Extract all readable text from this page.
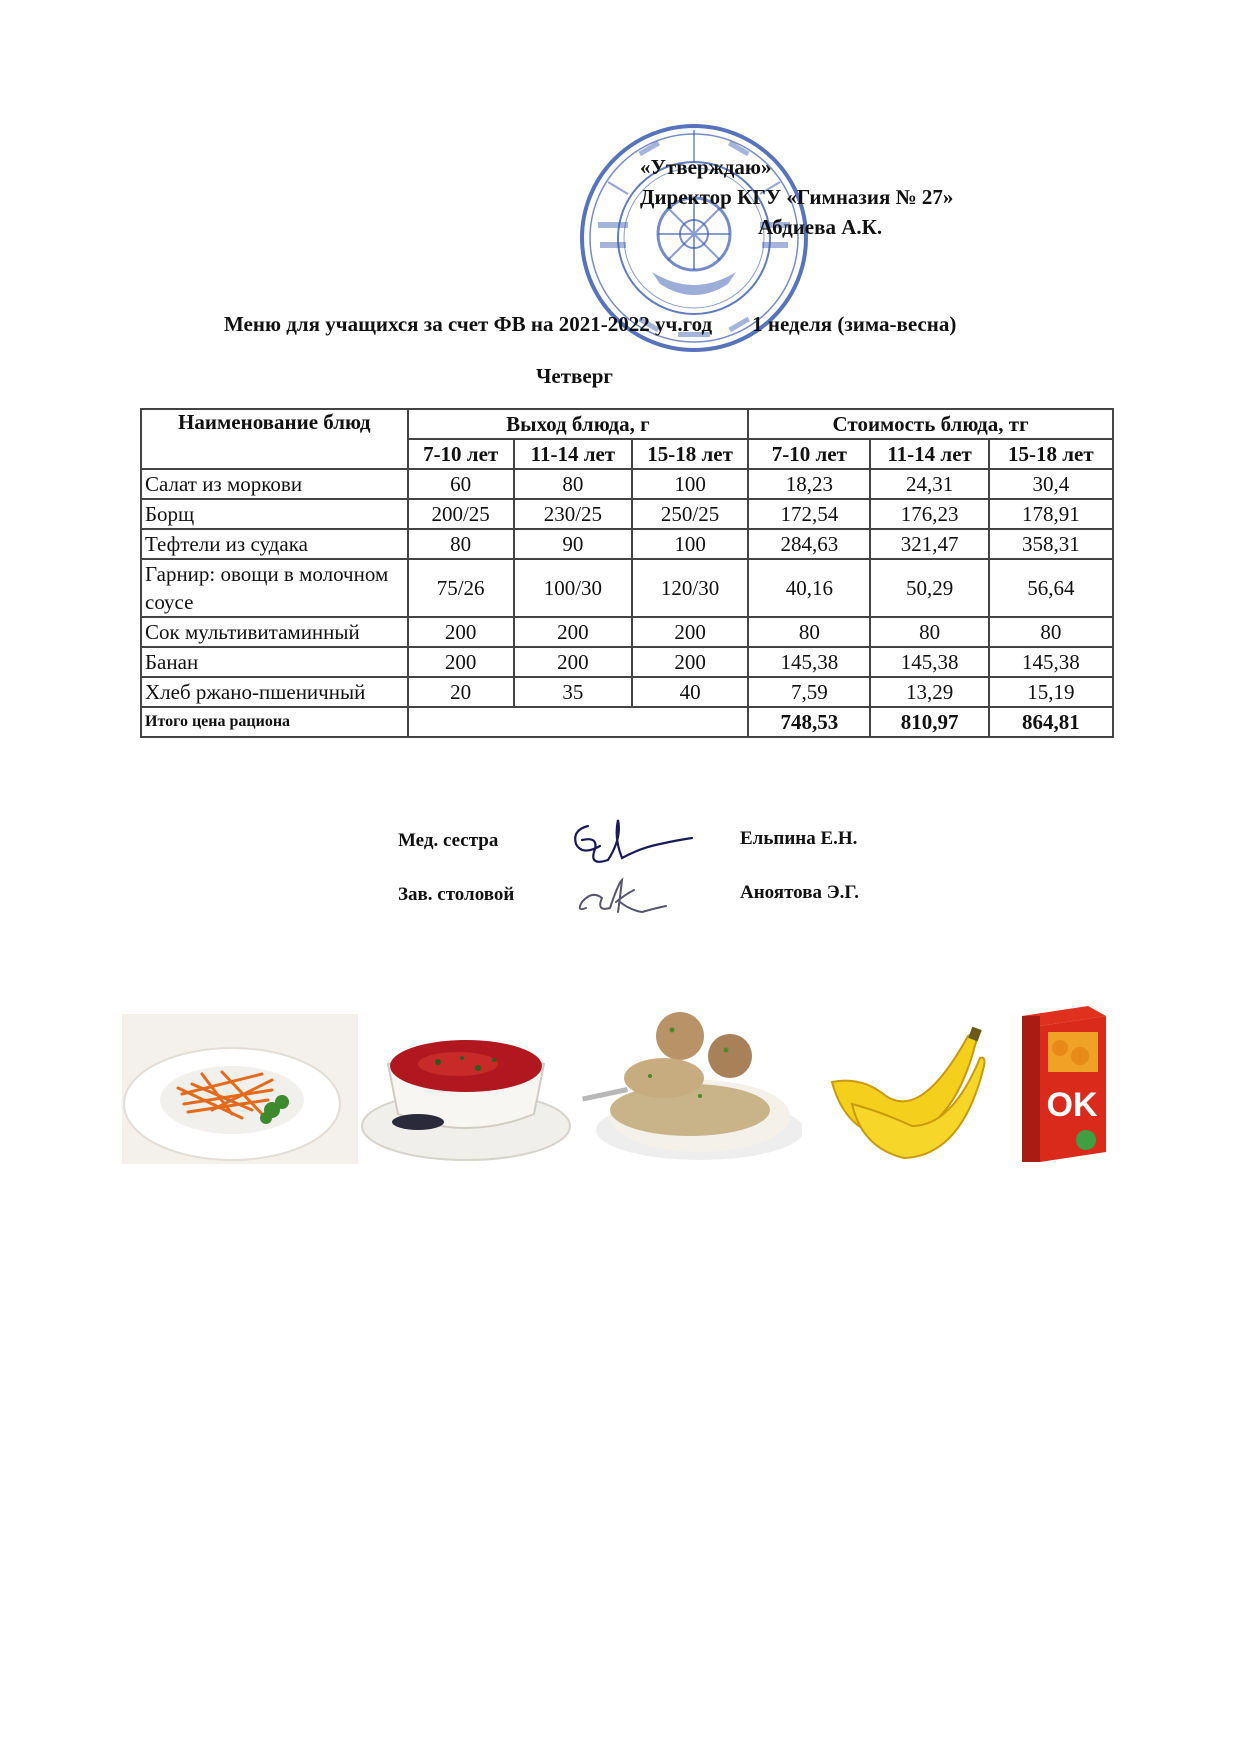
«Утверждаю»
Директор КГУ «Гимназия № 27»
Абдиева А.К.
Меню для учащихся за счет ФВ на 2021-2022 уч.год 1 неделя (зима-весна)
Четверг
Наименование блюд	Выход блюда, г			Стоимость блюда, тг		
	7-10 лет	11-14 лет	15-18 лет	7-10 лет	11-14 лет	15-18 лет
Салат из моркови	60	80	100	18,23	24,31	30,4
Борщ	200/25	230/25	250/25	172,54	176,23	178,91
Тефтели из судака	80	90	100	284,63	321,47	358,31
Гарнир: овощи в молочном соусе	75/26	100/30	120/30	40,16	50,29	56,64
Сок мультивитаминный	200	200	200	80	80	80
Банан	200	200	200	145,38	145,38	145,38
Хлеб ржано-пшеничный	20	35	40	7,59	13,29	15,19
Итого цена рациона				748,53	810,97	864,81
Мед. сестра	Ельпина Е.Н.
Зав. столовой	Аноятова Э.Г.
OK
